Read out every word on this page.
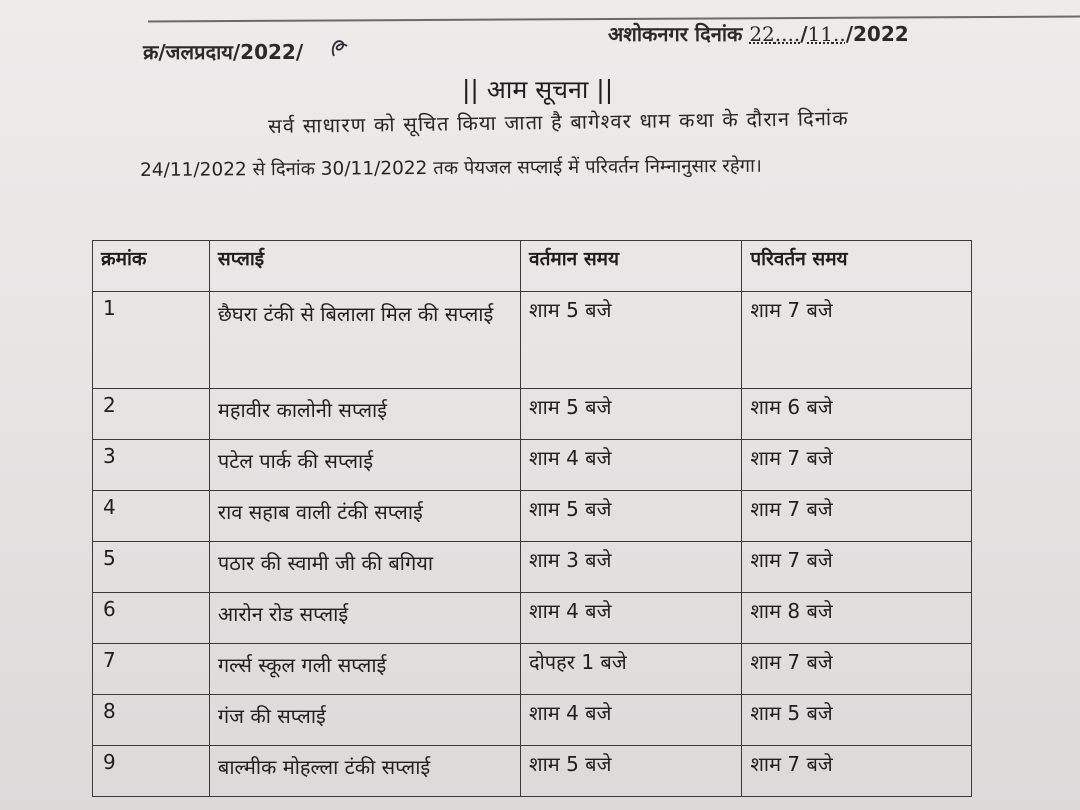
क्र/जलप्रदाय/2022/
अशोकनगर दिनांक 22..../11../2022
|| आम सूचना ||
सर्व साधारण को सूचित किया जाता है बागेश्वर धाम कथा के दौरान दिनांक
24/11/2022 से दिनांक 30/11/2022 तक पेयजल सप्लाई में परिवर्तन निम्नानुसार रहेगा।
क्रमांक	सप्लाई	वर्तमान समय	परिवर्तन समय
1	छैघरा टंकी से बिलाला मिल की सप्लाई	शाम 5 बजे	शाम 7 बजे
2	महावीर कालोनी सप्लाई	शाम 5 बजे	शाम 6 बजे
3	पटेल पार्क की सप्लाई	शाम 4 बजे	शाम 7 बजे
4	राव सहाब वाली टंकी सप्लाई	शाम 5 बजे	शाम 7 बजे
5	पठार की स्वामी जी की बगिया	शाम 3 बजे	शाम 7 बजे
6	आरोन रोड सप्लाई	शाम 4 बजे	शाम 8 बजे
7	गर्ल्स स्कूल गली सप्लाई	दोपहर 1 बजे	शाम 7 बजे
8	गंज की सप्लाई	शाम 4 बजे	शाम 5 बजे
9	बाल्मीक मोहल्ला टंकी सप्लाई	शाम 5 बजे	शाम 7 बजे
